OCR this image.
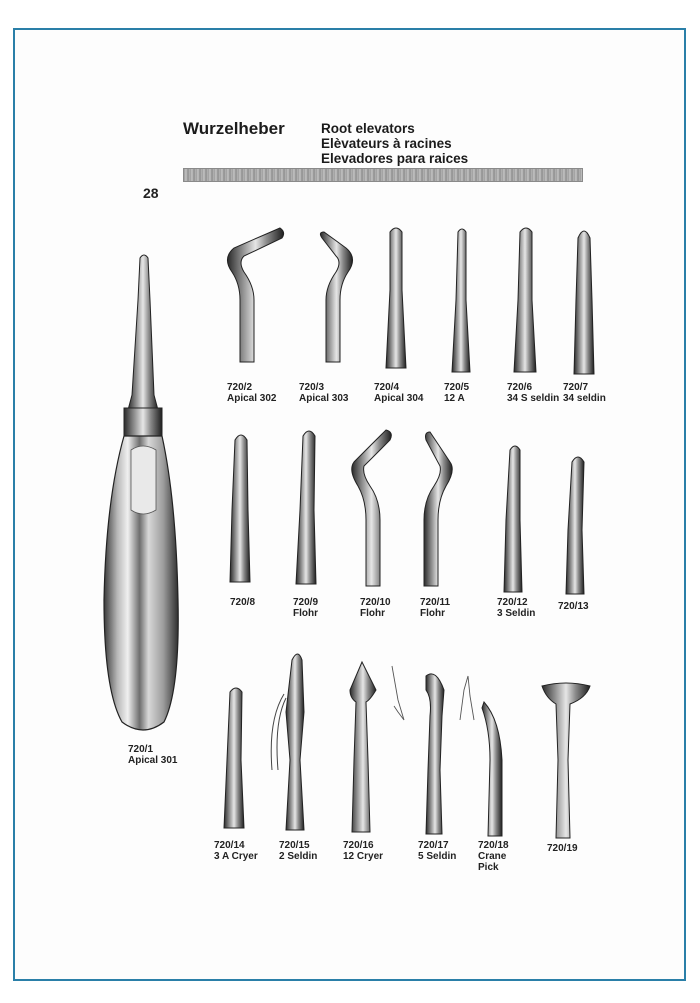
Wurzelheber	Root elevators
Elèvateurs à racines
Elevadores para raices
28
720/1
Apical 301
720/2
Apical 302
720/3
Apical 303
720/4
Apical 304
720/5
12 A
720/6
34 S seldin
720/7
34 seldin
720/8	720/9
Flohr
720/10
Flohr
720/11
Flohr
720/12
3 Seldin
720/13
720/14
3 A Cryer
720/15
2 Seldin
720/16
12 Cryer
720/17
5 Seldin
720/18
Crane
Pick
720/19
